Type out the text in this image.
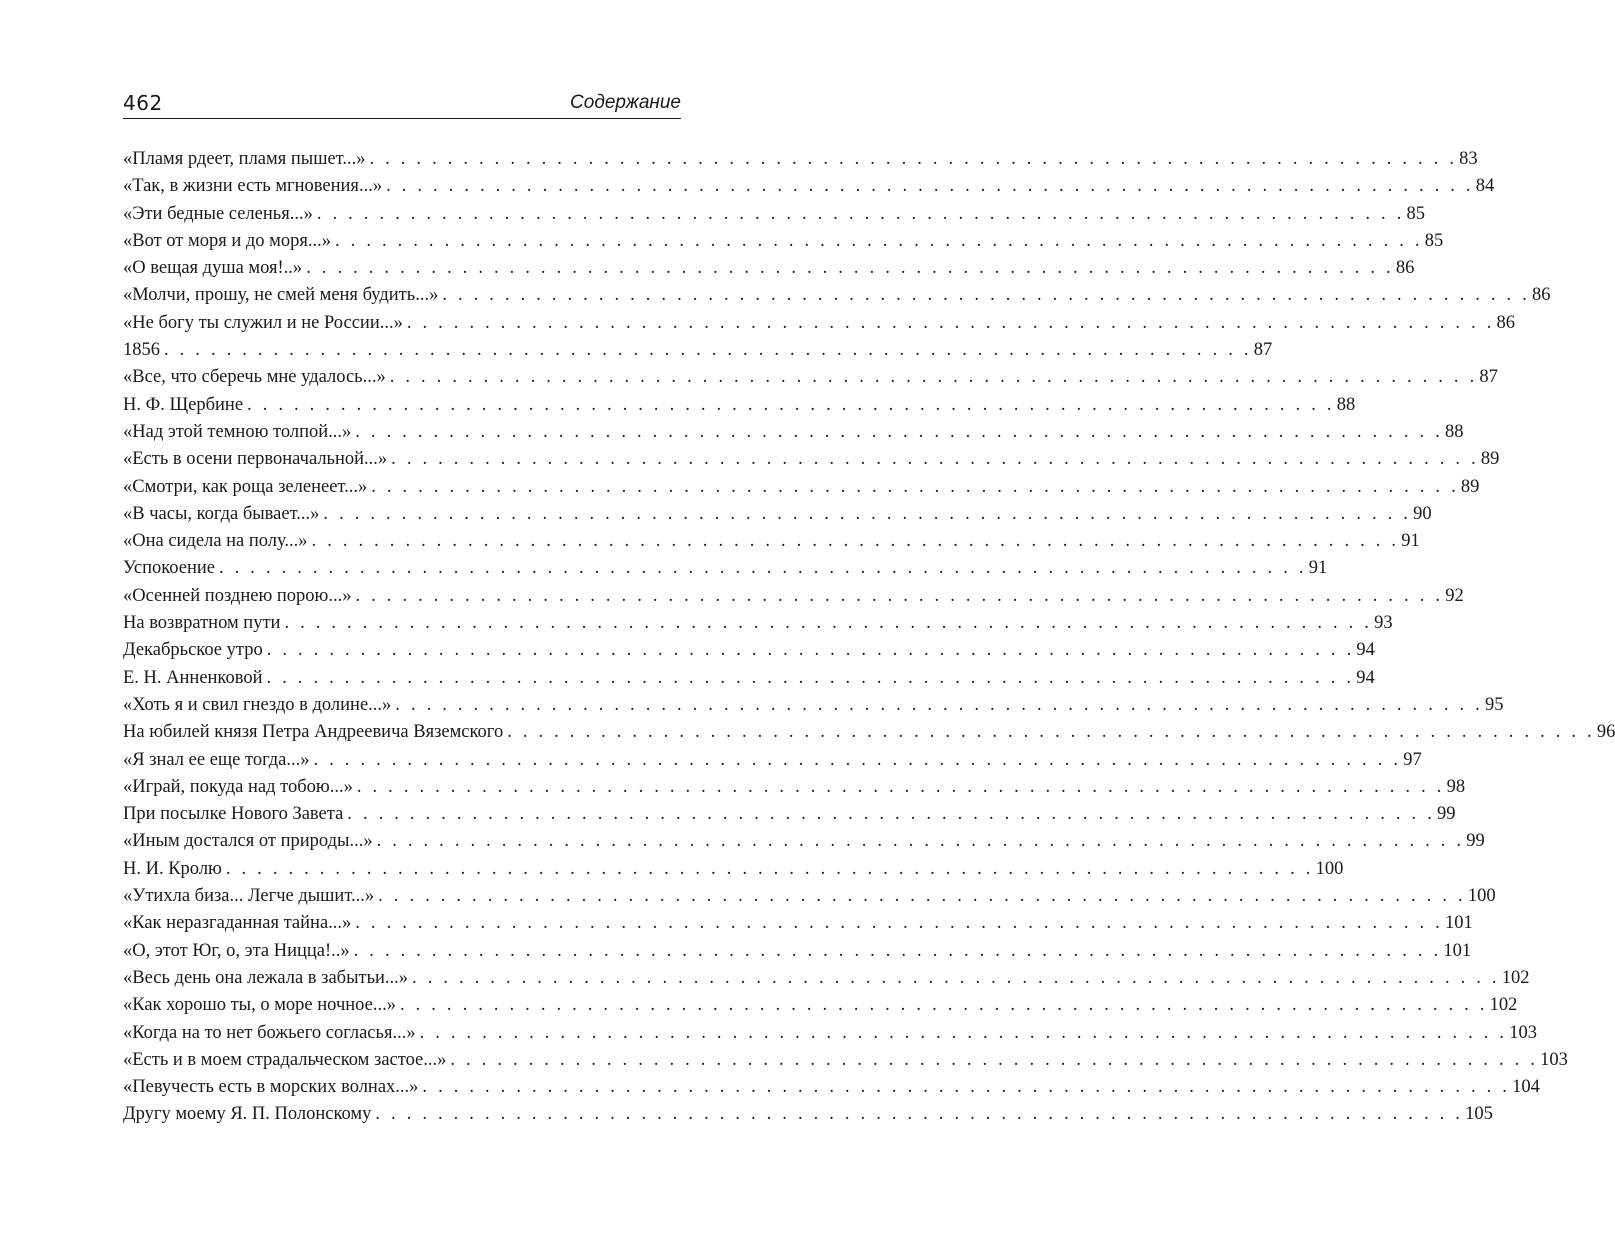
462	Содержание
«Пламя рдеет, пламя пышет...» . . . . . . . . . . . . . . . . . . . . . . . . . . . . . . . . . . . . . . . . . . . . . . . . . . . . . . . . . . . . . . . . . . . . . . 83
«Так, в жизни есть мгновения...» . . . . . . . . . . . . . . . . . . . . . . . . . . . . . . . . . . . . . . . . . . . . . . . . . . . . . . . . . . . . . . . . . . . . . . 84
«Эти бедные селенья...» . . . . . . . . . . . . . . . . . . . . . . . . . . . . . . . . . . . . . . . . . . . . . . . . . . . . . . . . . . . . . . . . . . . . . . 85
«Вот от моря и до моря...» . . . . . . . . . . . . . . . . . . . . . . . . . . . . . . . . . . . . . . . . . . . . . . . . . . . . . . . . . . . . . . . . . . . . . . 85
«О вещая душа моя!..» . . . . . . . . . . . . . . . . . . . . . . . . . . . . . . . . . . . . . . . . . . . . . . . . . . . . . . . . . . . . . . . . . . . . . . 86
«Молчи, прошу, не смей меня будить...» . . . . . . . . . . . . . . . . . . . . . . . . . . . . . . . . . . . . . . . . . . . . . . . . . . . . . . . . . . . . . . . . . . . . . . 86
«Не богу ты служил и не России...» . . . . . . . . . . . . . . . . . . . . . . . . . . . . . . . . . . . . . . . . . . . . . . . . . . . . . . . . . . . . . . . . . . . . . . 86
1856 . . . . . . . . . . . . . . . . . . . . . . . . . . . . . . . . . . . . . . . . . . . . . . . . . . . . . . . . . . . . . . . . . . . . . . 87
«Все, что сберечь мне удалось...» . . . . . . . . . . . . . . . . . . . . . . . . . . . . . . . . . . . . . . . . . . . . . . . . . . . . . . . . . . . . . . . . . . . . . . 87
Н. Ф. Щербине . . . . . . . . . . . . . . . . . . . . . . . . . . . . . . . . . . . . . . . . . . . . . . . . . . . . . . . . . . . . . . . . . . . . . . 88
«Над этой темною толпой...» . . . . . . . . . . . . . . . . . . . . . . . . . . . . . . . . . . . . . . . . . . . . . . . . . . . . . . . . . . . . . . . . . . . . . . 88
«Есть в осени первоначальной...» . . . . . . . . . . . . . . . . . . . . . . . . . . . . . . . . . . . . . . . . . . . . . . . . . . . . . . . . . . . . . . . . . . . . . . 89
«Смотри, как роща зеленеет...» . . . . . . . . . . . . . . . . . . . . . . . . . . . . . . . . . . . . . . . . . . . . . . . . . . . . . . . . . . . . . . . . . . . . . . 89
«В часы, когда бывает...» . . . . . . . . . . . . . . . . . . . . . . . . . . . . . . . . . . . . . . . . . . . . . . . . . . . . . . . . . . . . . . . . . . . . . . 90
«Она сидела на полу...» . . . . . . . . . . . . . . . . . . . . . . . . . . . . . . . . . . . . . . . . . . . . . . . . . . . . . . . . . . . . . . . . . . . . . . 91
Успокоение . . . . . . . . . . . . . . . . . . . . . . . . . . . . . . . . . . . . . . . . . . . . . . . . . . . . . . . . . . . . . . . . . . . . . . 91
«Осенней позднею порою...» . . . . . . . . . . . . . . . . . . . . . . . . . . . . . . . . . . . . . . . . . . . . . . . . . . . . . . . . . . . . . . . . . . . . . . 92
На возвратном пути . . . . . . . . . . . . . . . . . . . . . . . . . . . . . . . . . . . . . . . . . . . . . . . . . . . . . . . . . . . . . . . . . . . . . . 93
Декабрьское утро . . . . . . . . . . . . . . . . . . . . . . . . . . . . . . . . . . . . . . . . . . . . . . . . . . . . . . . . . . . . . . . . . . . . . . 94
Е. Н. Анненковой . . . . . . . . . . . . . . . . . . . . . . . . . . . . . . . . . . . . . . . . . . . . . . . . . . . . . . . . . . . . . . . . . . . . . . 94
«Хоть я и свил гнездо в долине...» . . . . . . . . . . . . . . . . . . . . . . . . . . . . . . . . . . . . . . . . . . . . . . . . . . . . . . . . . . . . . . . . . . . . . . 95
На юбилей князя Петра Андреевича Вяземского . . . . . . . . . . . . . . . . . . . . . . . . . . . . . . . . . . . . . . . . . . . . . . . . . . . . . . . . . . . . . . . . . . . . . . 96
«Я знал ее еще тогда...» . . . . . . . . . . . . . . . . . . . . . . . . . . . . . . . . . . . . . . . . . . . . . . . . . . . . . . . . . . . . . . . . . . . . . . 97
«Играй, покуда над тобою...» . . . . . . . . . . . . . . . . . . . . . . . . . . . . . . . . . . . . . . . . . . . . . . . . . . . . . . . . . . . . . . . . . . . . . . 98
При посылке Нового Завета . . . . . . . . . . . . . . . . . . . . . . . . . . . . . . . . . . . . . . . . . . . . . . . . . . . . . . . . . . . . . . . . . . . . . . 99
«Иным достался от природы...» . . . . . . . . . . . . . . . . . . . . . . . . . . . . . . . . . . . . . . . . . . . . . . . . . . . . . . . . . . . . . . . . . . . . . . 99
Н. И. Кролю . . . . . . . . . . . . . . . . . . . . . . . . . . . . . . . . . . . . . . . . . . . . . . . . . . . . . . . . . . . . . . . . . . . . . . 100
«Утихла биза... Легче дышит...» . . . . . . . . . . . . . . . . . . . . . . . . . . . . . . . . . . . . . . . . . . . . . . . . . . . . . . . . . . . . . . . . . . . . . . 100
«Как неразгаданная тайна...» . . . . . . . . . . . . . . . . . . . . . . . . . . . . . . . . . . . . . . . . . . . . . . . . . . . . . . . . . . . . . . . . . . . . . . 101
«О, этот Юг, о, эта Ницца!..» . . . . . . . . . . . . . . . . . . . . . . . . . . . . . . . . . . . . . . . . . . . . . . . . . . . . . . . . . . . . . . . . . . . . . . 101
«Весь день она лежала в забытьи...» . . . . . . . . . . . . . . . . . . . . . . . . . . . . . . . . . . . . . . . . . . . . . . . . . . . . . . . . . . . . . . . . . . . . . . 102
«Как хорошо ты, о море ночное...» . . . . . . . . . . . . . . . . . . . . . . . . . . . . . . . . . . . . . . . . . . . . . . . . . . . . . . . . . . . . . . . . . . . . . . 102
«Когда на то нет божьего согласья...» . . . . . . . . . . . . . . . . . . . . . . . . . . . . . . . . . . . . . . . . . . . . . . . . . . . . . . . . . . . . . . . . . . . . . . 103
«Есть и в моем страдальческом застое...» . . . . . . . . . . . . . . . . . . . . . . . . . . . . . . . . . . . . . . . . . . . . . . . . . . . . . . . . . . . . . . . . . . . . . . 103
«Певучесть есть в морских волнах...» . . . . . . . . . . . . . . . . . . . . . . . . . . . . . . . . . . . . . . . . . . . . . . . . . . . . . . . . . . . . . . . . . . . . . . 104
Другу моему Я. П. Полонскому . . . . . . . . . . . . . . . . . . . . . . . . . . . . . . . . . . . . . . . . . . . . . . . . . . . . . . . . . . . . . . . . . . . . . . 105
